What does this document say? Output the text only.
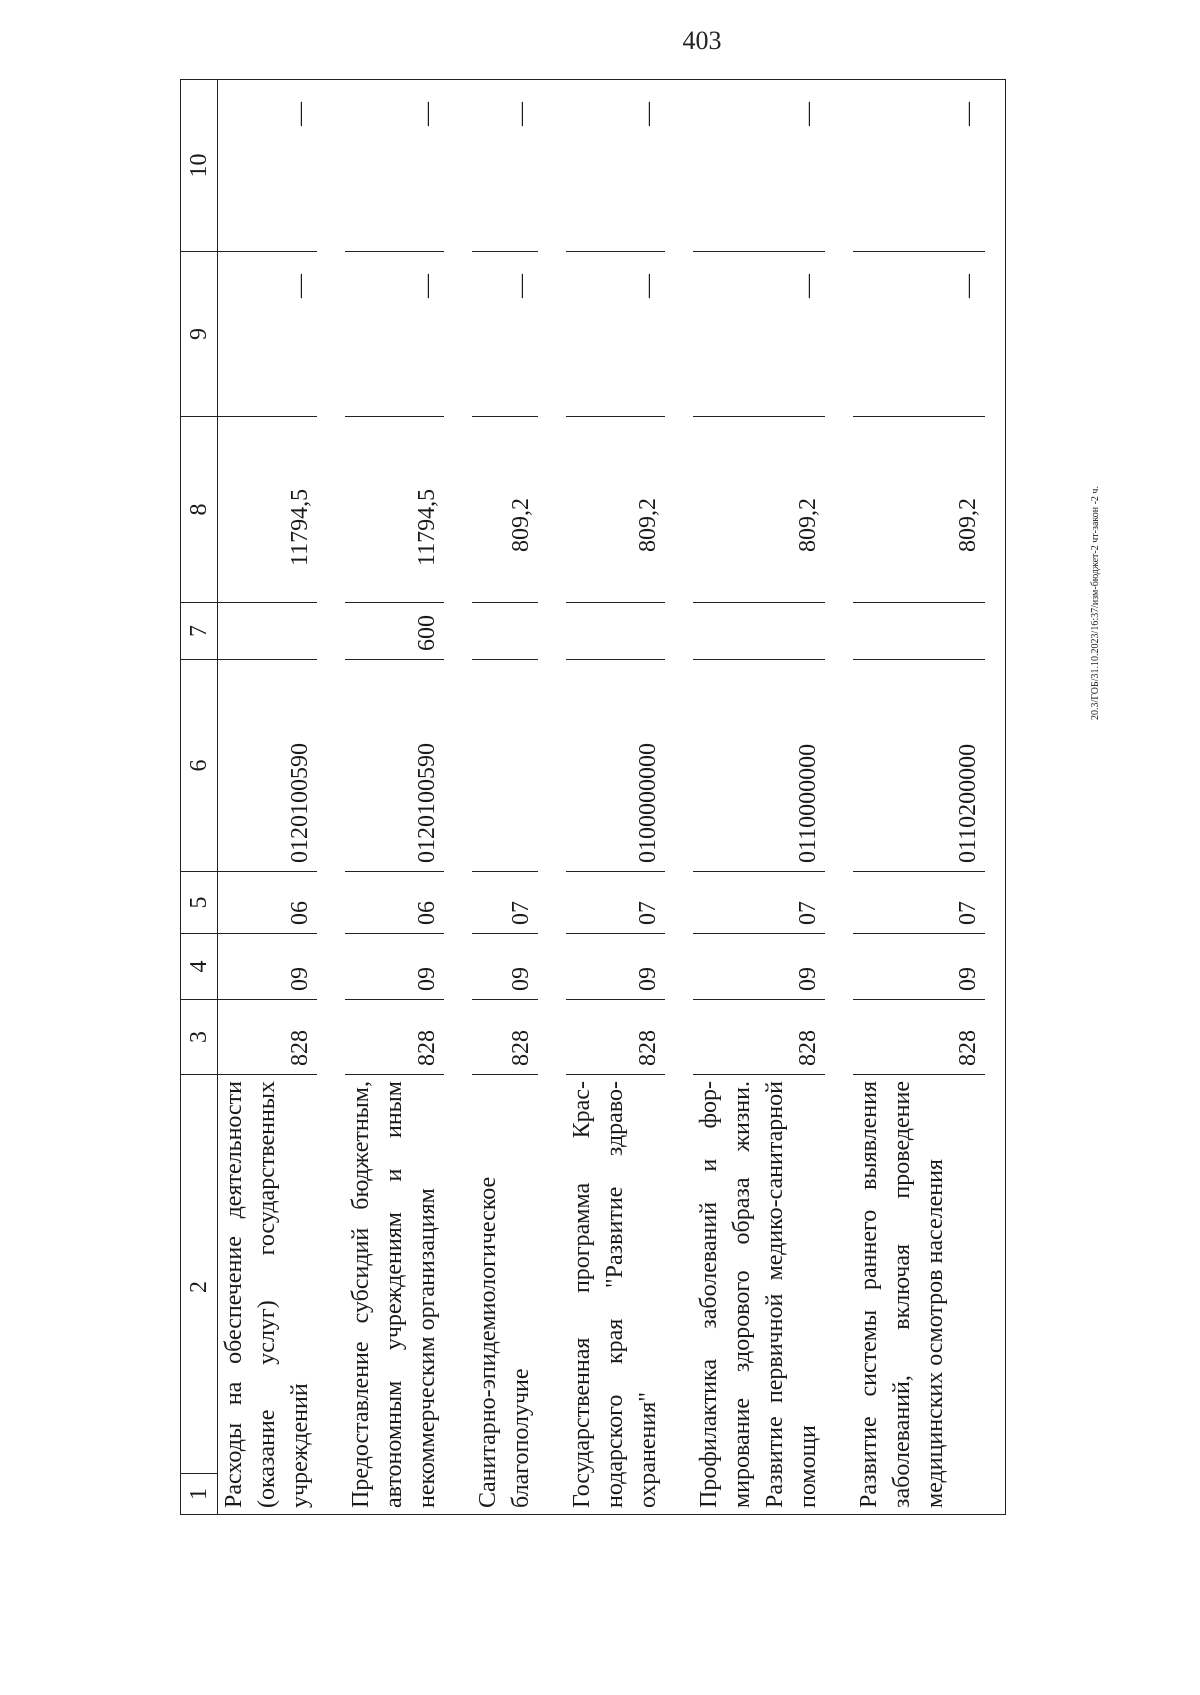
403
20.3/ГОБ/31.10.2023/16:37/изм-бюджет-2 чт-закон -2 ч.
1 2	3	4	5	6	7	8	9	10
Расходы на обеспечение деятельности (оказание услуг) государственных учреждений	828	09	06	0120100590		11794,5	—	—

Предоставление субсидий бюджетным, автономным учреждениям и иным некоммерческим организациям	828	09	06	0120100590	600	11794,5	—	—

Санитарно-эпидемиологическое благополучие	828	09	07			809,2	—	—

Государственная программа Краснодарского края "Развитие здравоохранения"	828	09	07	0100000000		809,2	—	—

Профилактика заболеваний и формирование здорового образа жизни. Развитие первичной медико-санитарной помощи	828	09	07	0110000000		809,2	—	—

Развитие системы раннего выявления заболеваний, включая проведение медицинских осмотров населения	828	09	07	0110200000		809,2	—	—
